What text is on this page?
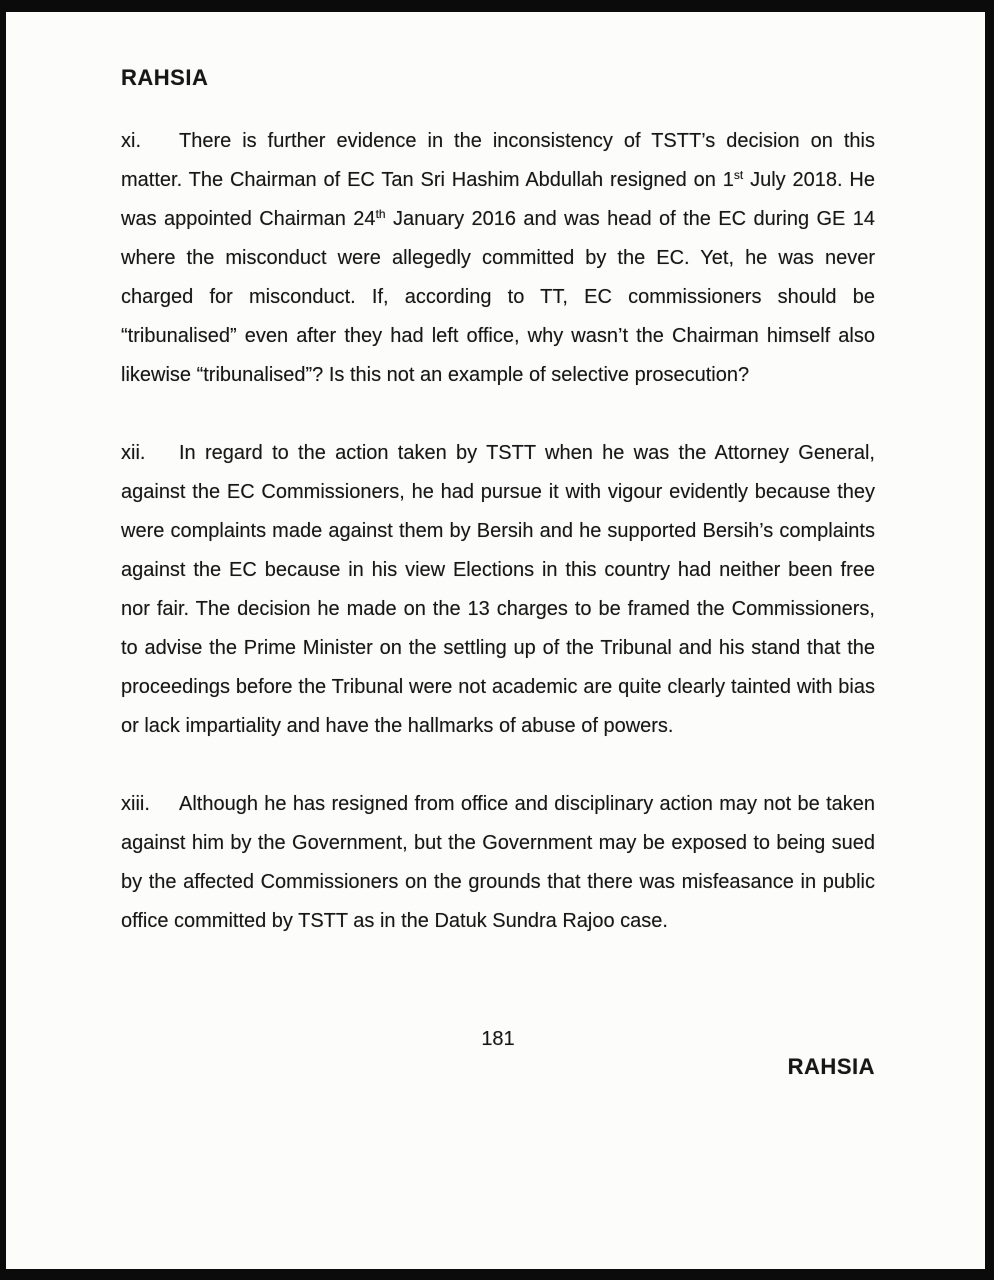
RAHSIA
xi. There is further evidence in the inconsistency of TSTT’s decision on this matter. The Chairman of EC Tan Sri Hashim Abdullah resigned on 1st July 2018. He was appointed Chairman 24th January 2016 and was head of the EC during GE 14 where the misconduct were allegedly committed by the EC. Yet, he was never charged for misconduct. If, according to TT, EC commissioners should be “tribunalised” even after they had left office, why wasn’t the Chairman himself also likewise “tribunalised”? Is this not an example of selective prosecution?
xii. In regard to the action taken by TSTT when he was the Attorney General, against the EC Commissioners, he had pursue it with vigour evidently because they were complaints made against them by Bersih and he supported Bersih’s complaints against the EC because in his view Elections in this country had neither been free nor fair. The decision he made on the 13 charges to be framed the Commissioners, to advise the Prime Minister on the settling up of the Tribunal and his stand that the proceedings before the Tribunal were not academic are quite clearly tainted with bias or lack impartiality and have the hallmarks of abuse of powers.
xiii. Although he has resigned from office and disciplinary action may not be taken against him by the Government, but the Government may be exposed to being sued by the affected Commissioners on the grounds that there was misfeasance in public office committed by TSTT as in the Datuk Sundra Rajoo case.
181
RAHSIA
